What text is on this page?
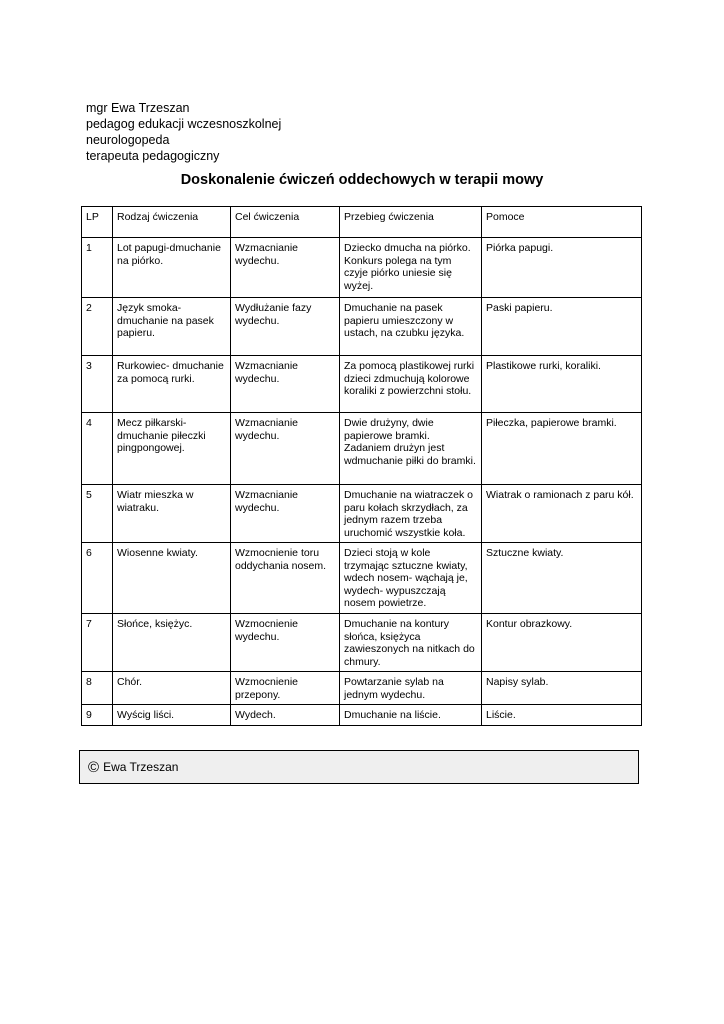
mgr Ewa Trzeszan
pedagog edukacji wczesnoszkolnej
neurologopeda
terapeuta pedagogiczny
Doskonalenie ćwiczeń oddechowych w terapii mowy
LP	Rodzaj ćwiczenia	Cel ćwiczenia	Przebieg ćwiczenia	Pomoce
1	Lot papugi-dmuchanie na piórko.	Wzmacnianie wydechu.	Dziecko dmucha na piórko. Konkurs polega na tym czyje piórko uniesie się wyżej.	Piórka papugi.
2	Język smoka-dmuchanie na pasek papieru.	Wydłużanie fazy wydechu.	Dmuchanie na pasek papieru umieszczony w ustach, na czubku języka.	Paski papieru.
3	Rurkowiec- dmuchanie za pomocą rurki.	Wzmacnianie wydechu.	Za pomocą plastikowej rurki dzieci zdmuchują kolorowe koraliki z powierzchni stołu.	Plastikowe rurki, koraliki.
4	Mecz piłkarski-dmuchanie piłeczki pingpongowej.	Wzmacnianie wydechu.	Dwie drużyny, dwie papierowe bramki. Zadaniem drużyn jest wdmuchanie piłki do bramki.	Piłeczka, papierowe bramki.
5	Wiatr mieszka w wiatraku.	Wzmacnianie wydechu.	Dmuchanie na wiatraczek o paru kołach skrzydłach, za jednym razem trzeba uruchomić wszystkie koła.	Wiatrak o ramionach z paru kół.
6	Wiosenne kwiaty.	Wzmocnienie toru oddychania nosem.	Dzieci stoją w kole trzymając sztuczne kwiaty, wdech nosem- wąchają je, wydech- wypuszczają nosem powietrze.	Sztuczne kwiaty.
7	Słońce, księżyc.	Wzmocnienie wydechu.	Dmuchanie na kontury słońca, księżyca zawieszonych na nitkach do chmury.	Kontur obrazkowy.
8	Chór.	Wzmocnienie przepony.	Powtarzanie sylab na jednym wydechu.	Napisy sylab.
9	Wyścig liści.	Wydech.	Dmuchanie na liście.	Liście.
© Ewa Trzeszan
